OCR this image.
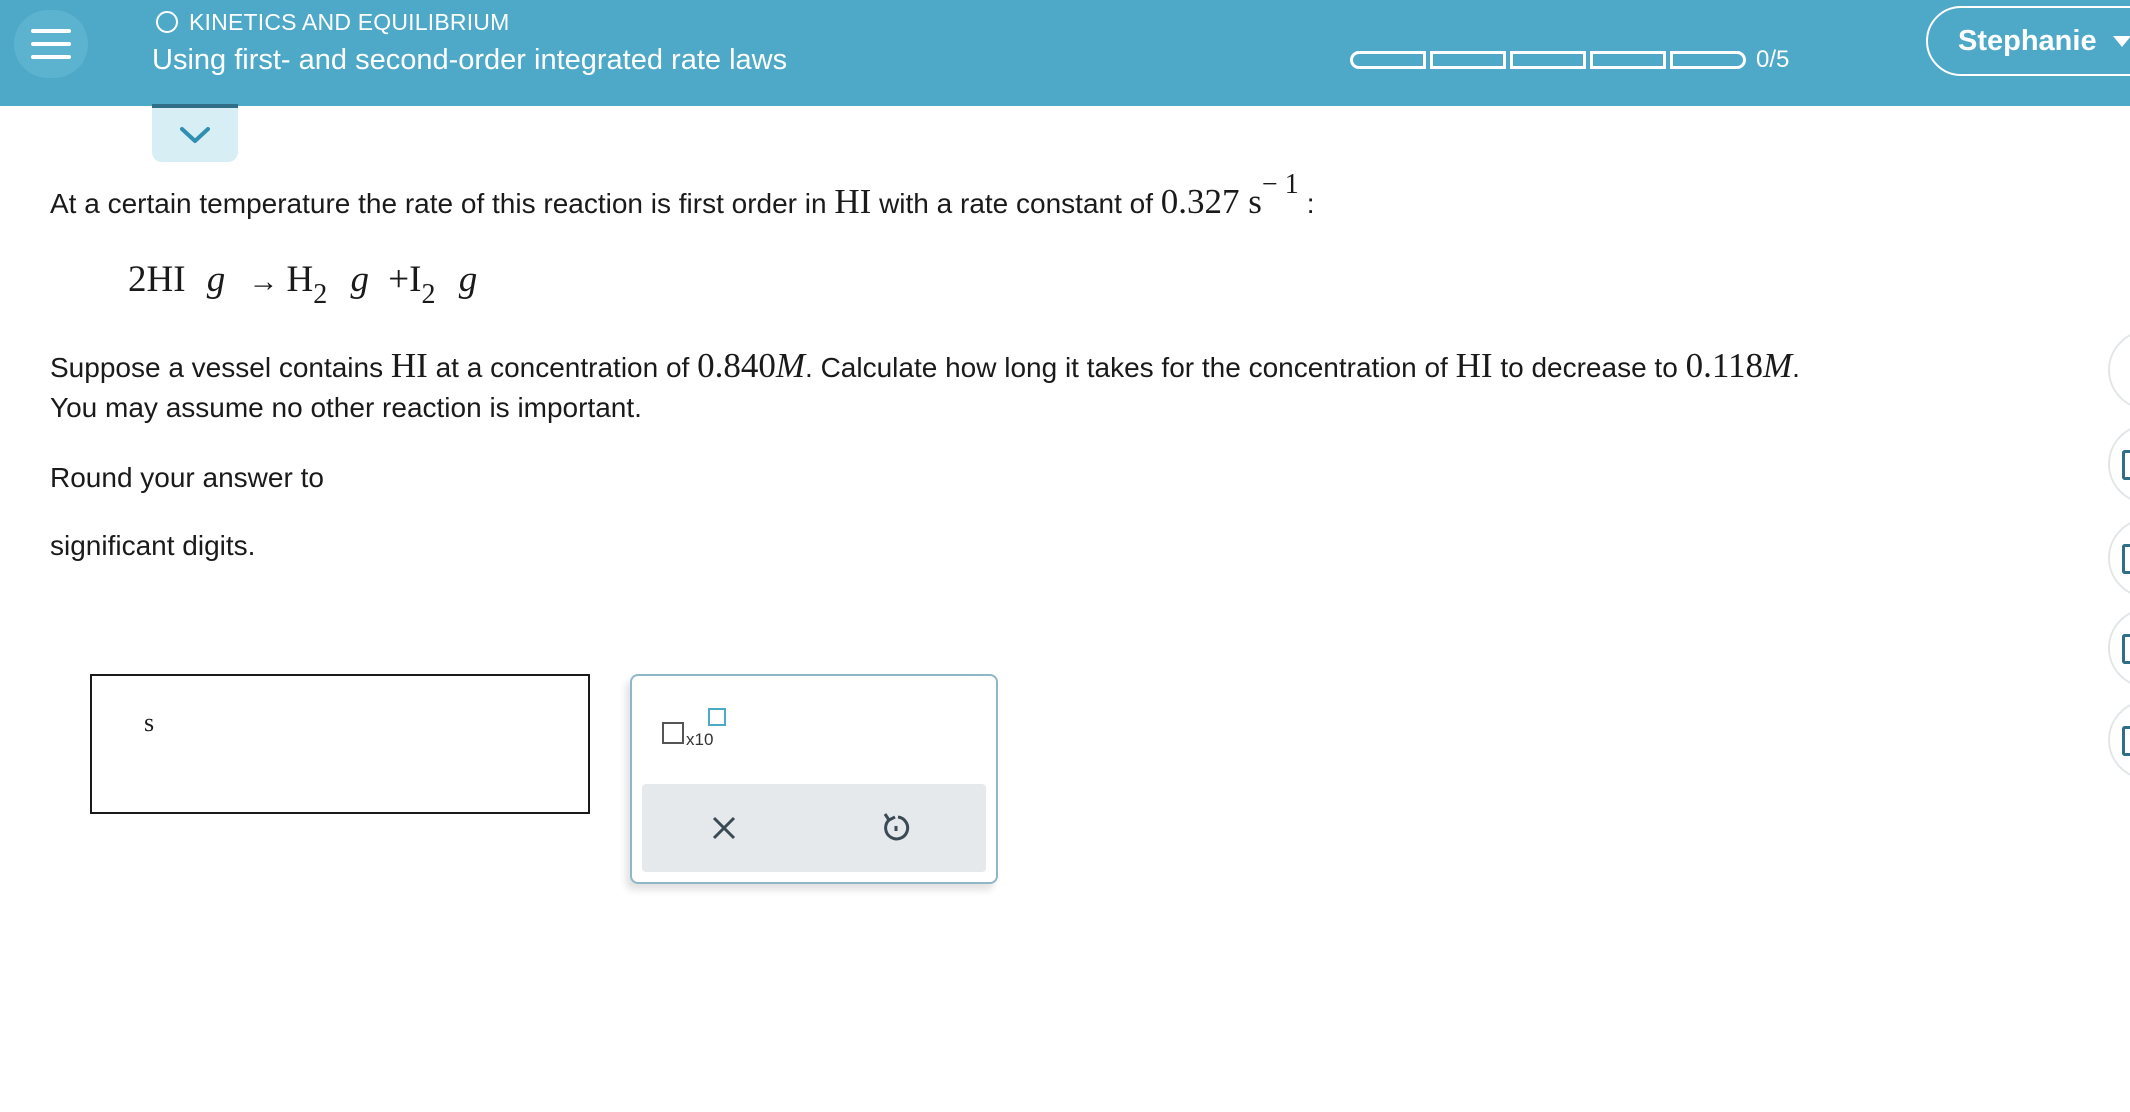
KINETICS AND EQUILIBRIUM
Using first- and second-order integrated rate laws	0/5
Stephanie
At a certain temperature the rate of this reaction is first order in HI with a rate constant of 0.327 s− 1:
2HI $g \to H_2$ $g +I_2$ g
Suppose a vessel contains HI at a concentration of 0.840M. Calculate how long it takes for the concentration of HI to decrease to 0.118M.
You may assume no other reaction is important.
Round your answer to
significant digits.
s
x10
